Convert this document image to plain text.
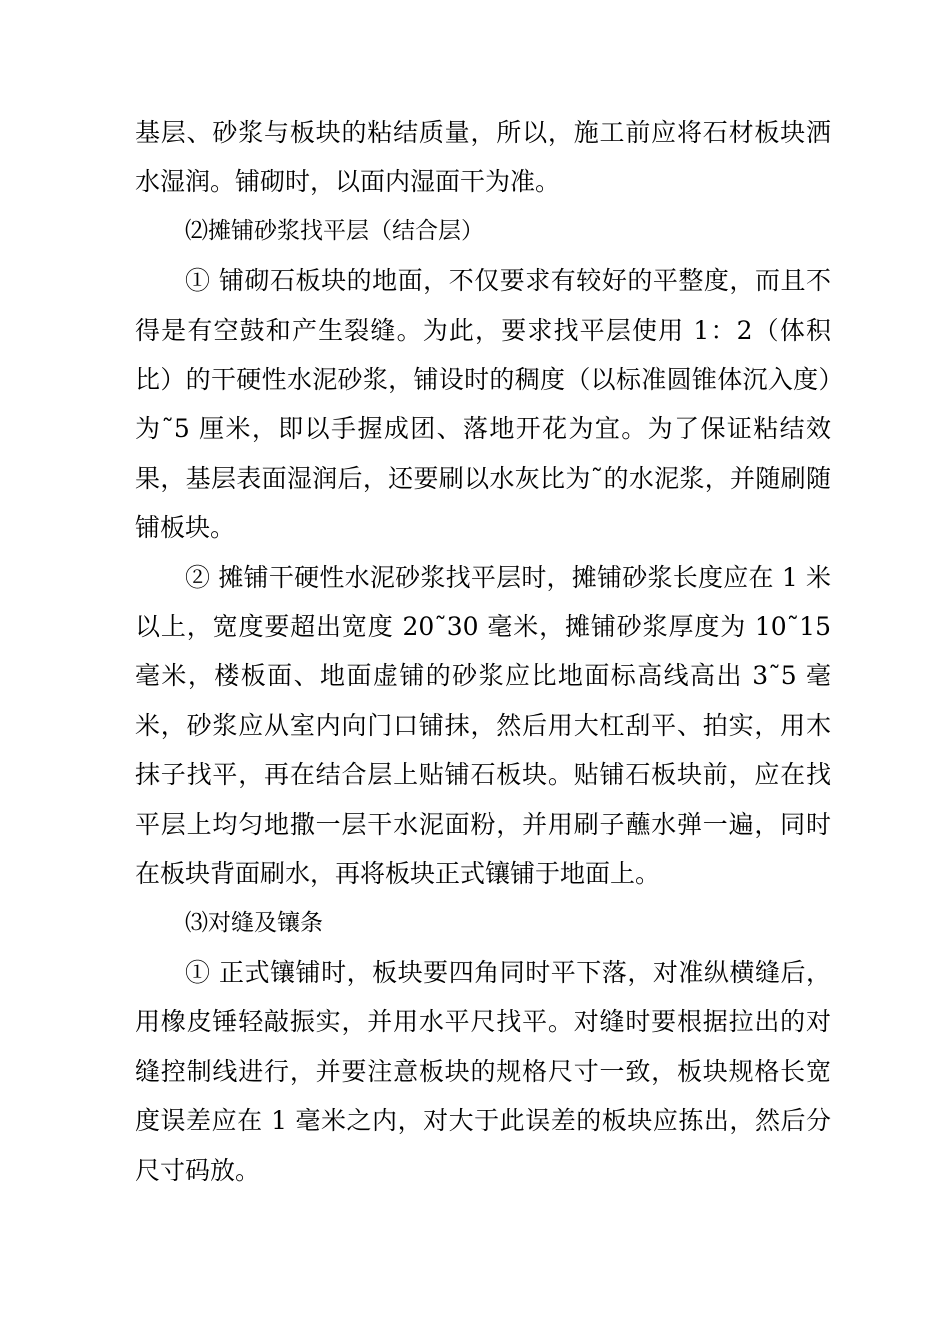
基层、砂浆与板块的粘结质量，所以，施工前应将石材板块洒水湿润。铺砌时，以面内湿面干为准。

⑵摊铺砂浆找平层（结合层）

① 铺砌石板块的地面，不仅要求有较好的平整度，而且不得是有空鼓和产生裂缝。为此，要求找平层使用 1：2（体积比）的干硬性水泥砂浆，铺设时的稠度（以标准圆锥体沉入度）为˜5 厘米，即以手握成团、落地开花为宜。为了保证粘结效果，基层表面湿润后，还要刷以水灰比为˜的水泥浆，并随刷随铺板块。

② 摊铺干硬性水泥砂浆找平层时，摊铺砂浆长度应在 1 米以上，宽度要超出宽度 20˜30 毫米，摊铺砂浆厚度为 10˜15 毫米，楼板面、地面虚铺的砂浆应比地面标高线高出 3˜5 毫米，砂浆应从室内向门口铺抹，然后用大杠刮平、拍实，用木抹子找平，再在结合层上贴铺石板块。贴铺石板块前，应在找平层上均匀地撒一层干水泥面粉，并用刷子蘸水弹一遍，同时在板块背面刷水，再将板块正式镶铺于地面上。

⑶对缝及镶条

① 正式镶铺时，板块要四角同时平下落，对准纵横缝后，用橡皮锤轻敲振实，并用水平尺找平。对缝时要根据拉出的对缝控制线进行，并要注意板块的规格尺寸一致，板块规格长宽度误差应在 1 毫米之内，对大于此误差的板块应拣出，然后分尺寸码放。
